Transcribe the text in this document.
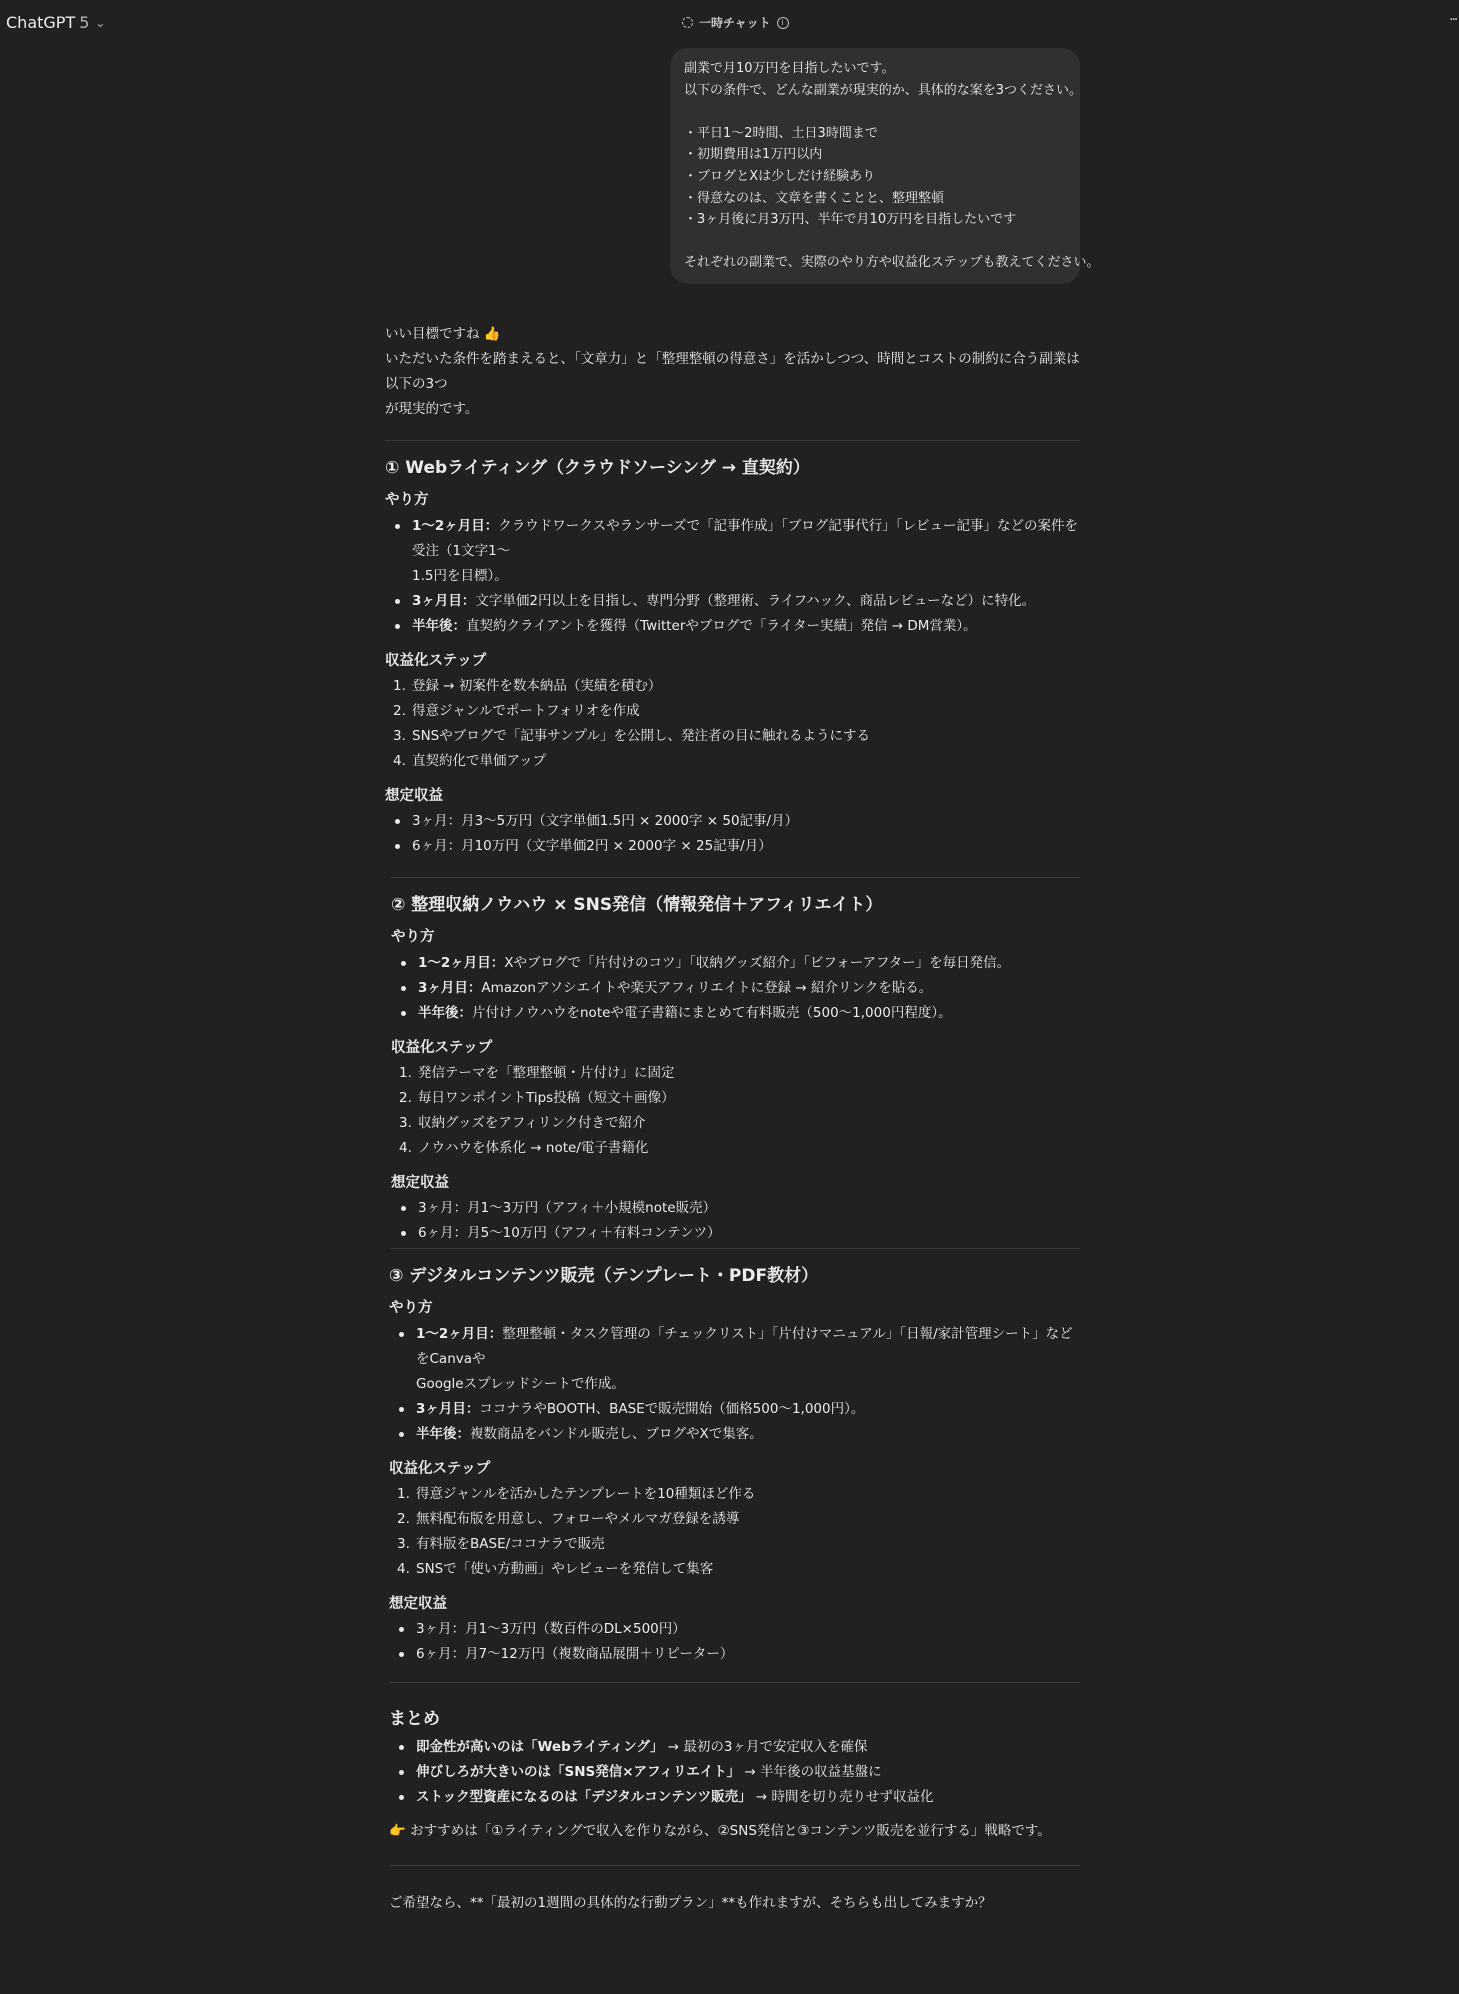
ChatGPT 5 ⌄	一時チャット	i	···

副業で月10万円を目指したいです。

以下の条件で、どんな副業が現実的か、具体的な案を3つください。

・平日1〜2時間、土日3時間まで

・初期費用は1万円以内

・ブログとXは少しだけ経験あり

・得意なのは、文章を書くことと、整理整頓

・3ヶ月後に月3万円、半年で月10万円を目指したいです

それぞれの副業で、実際のやり方や収益化ステップも教えてください。

いい目標ですね 👍

いただいた条件を踏まえると、「文章力」と「整理整頓の得意さ」を活かしつつ、時間とコストの制約に合う副業は以下の3つ

が現実的です。

① Webライティング（クラウドソーシング → 直契約）

やり方

1〜2ヶ月目：クラウドワークスやランサーズで「記事作成」「ブログ記事代行」「レビュー記事」などの案件を受注（1文字1〜
1.5円を目標）。
3ヶ月目：文字単価2円以上を目指し、専門分野（整理術、ライフハック、商品レビューなど）に特化。
半年後：直契約クライアントを獲得（Twitterやブログで「ライター実績」発信 → DM営業）。

収益化ステップ

1. 登録 → 初案件を数本納品（実績を積む）
2. 得意ジャンルでポートフォリオを作成
3. SNSやブログで「記事サンプル」を公開し、発注者の目に触れるようにする
4. 直契約化で単価アップ

想定収益

3ヶ月：月3〜5万円（文字単価1.5円 × 2000字 × 50記事/月）
6ヶ月：月10万円（文字単価2円 × 2000字 × 25記事/月）

② 整理収納ノウハウ × SNS発信（情報発信＋アフィリエイト）

やり方

1〜2ヶ月目：Xやブログで「片付けのコツ」「収納グッズ紹介」「ビフォーアフター」を毎日発信。
3ヶ月目：Amazonアソシエイトや楽天アフィリエイトに登録 → 紹介リンクを貼る。
半年後：片付けノウハウをnoteや電子書籍にまとめて有料販売（500〜1,000円程度）。

収益化ステップ

1. 発信テーマを「整理整頓・片付け」に固定
2. 毎日ワンポイントTips投稿（短文＋画像）
3. 収納グッズをアフィリンク付きで紹介
4. ノウハウを体系化 → note/電子書籍化

想定収益

3ヶ月：月1〜3万円（アフィ＋小規模note販売）
6ヶ月：月5〜10万円（アフィ＋有料コンテンツ）

③ デジタルコンテンツ販売（テンプレート・PDF教材）

やり方

1〜2ヶ月目：整理整頓・タスク管理の「チェックリスト」「片付けマニュアル」「日報/家計管理シート」などをCanvaや
Googleスプレッドシートで作成。
3ヶ月目：ココナラやBOOTH、BASEで販売開始（価格500〜1,000円）。
半年後：複数商品をバンドル販売し、ブログやXで集客。

収益化ステップ

1. 得意ジャンルを活かしたテンプレートを10種類ほど作る
2. 無料配布版を用意し、フォローやメルマガ登録を誘導
3. 有料版をBASE/ココナラで販売
4. SNSで「使い方動画」やレビューを発信して集客

想定収益

3ヶ月：月1〜3万円（数百件のDL×500円）
6ヶ月：月7〜12万円（複数商品展開＋リピーター）

まとめ

即金性が高いのは「Webライティング」 → 最初の3ヶ月で安定収入を確保
伸びしろが大きいのは「SNS発信×アフィリエイト」 → 半年後の収益基盤に
ストック型資産になるのは「デジタルコンテンツ販売」 → 時間を切り売りせず収益化

👉 おすすめは「①ライティングで収入を作りながら、②SNS発信と③コンテンツ販売を並行する」戦略です。

ご希望なら、**「最初の1週間の具体的な行動プラン」**も作れますが、そちらも出してみますか？
